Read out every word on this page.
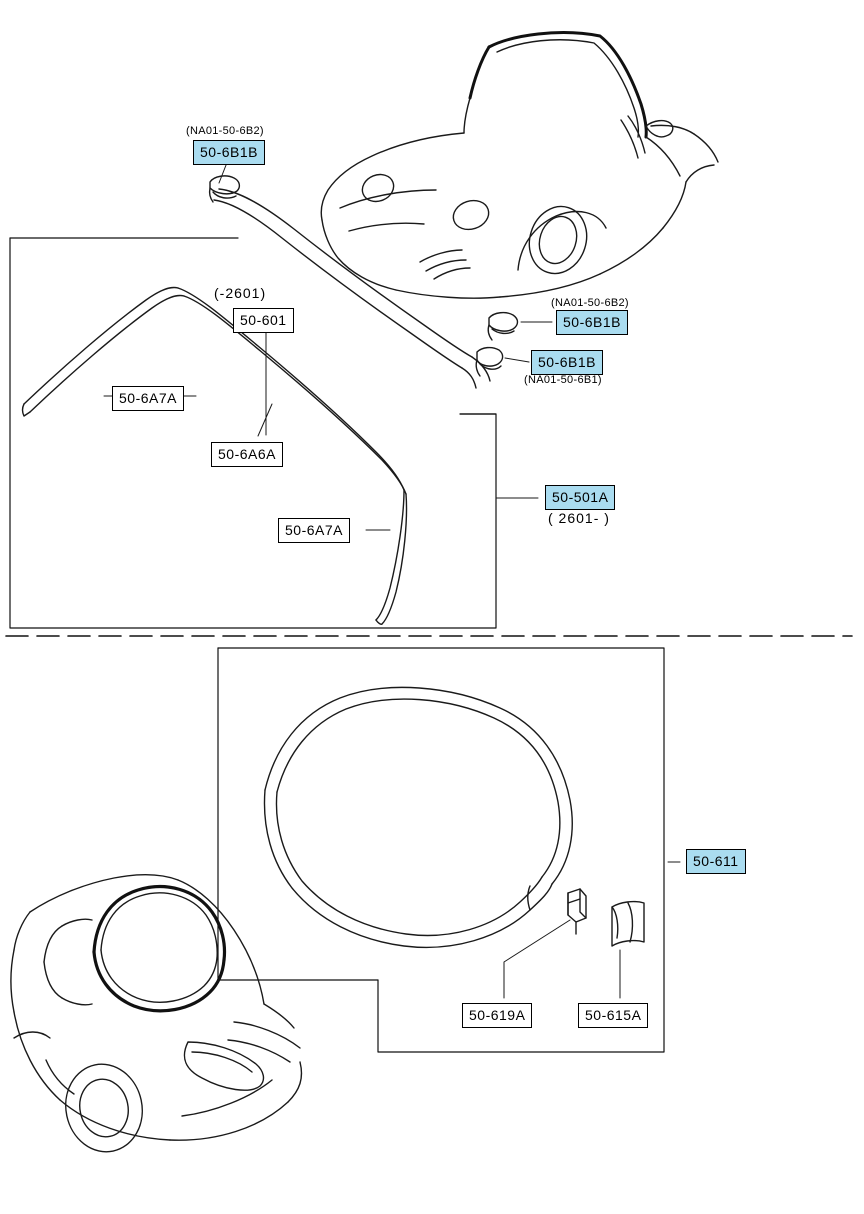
(NA01-50-6B2)
50-6B1B
(-2601)
50-601
(NA01-50-6B2)
50-6B1B
50-6B1B
(NA01-50-6B1)
50-6A7A
50-6A6A
50-501A
( 2601- )
50-6A7A
50-611
50-619A	50-615A
